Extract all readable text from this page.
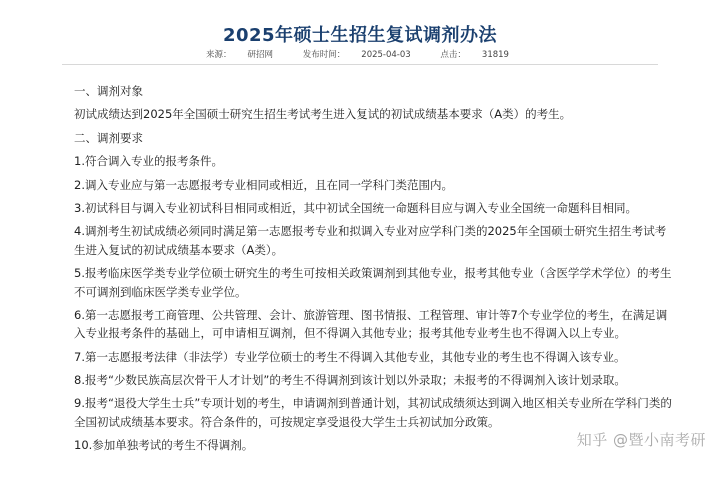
2025年硕士生招生复试调剂办法
来源： 研招网	发布时间： 2025-04-03	点击： 31819

一、调剂对象

初试成绩达到2025年全国硕士研究生招生考试考生进入复试的初试成绩基本要求（A类）的考生。

二、调剂要求

1.符合调入专业的报考条件。

2.调入专业应与第一志愿报考专业相同或相近，且在同一学科门类范围内。

3.初试科目与调入专业初试科目相同或相近，其中初试全国统一命题科目应与调入专业全国统一命题科目相同。

4.调剂考生初试成绩必须同时满足第一志愿报考专业和拟调入专业对应学科门类的2025年全国硕士研究生招生考试考生进入复试的初试成绩基本要求（A类）。

5.报考临床医学类专业学位硕士研究生的考生可按相关政策调剂到其他专业，报考其他专业（含医学学术学位）的考生不可调剂到临床医学类专业学位。

6.第一志愿报考工商管理、公共管理、会计、旅游管理、图书情报、工程管理、审计等7个专业学位的考生，在满足调入专业报考条件的基础上，可申请相互调剂，但不得调入其他专业；报考其他专业考生也不得调入以上专业。

7.第一志愿报考法律（非法学）专业学位硕士的考生不得调入其他专业，其他专业的考生也不得调入该专业。

8.报考“少数民族高层次骨干人才计划”的考生不得调剂到该计划以外录取；未报考的不得调剂入该计划录取。

9.报考“退役大学生士兵”专项计划的考生，申请调剂到普通计划，其初试成绩须达到调入地区相关专业所在学科门类的全国初试成绩基本要求。符合条件的，可按规定享受退役大学生士兵初试加分政策。

10.参加单独考试的考生不得调剂。	知乎 @暨小南考研
